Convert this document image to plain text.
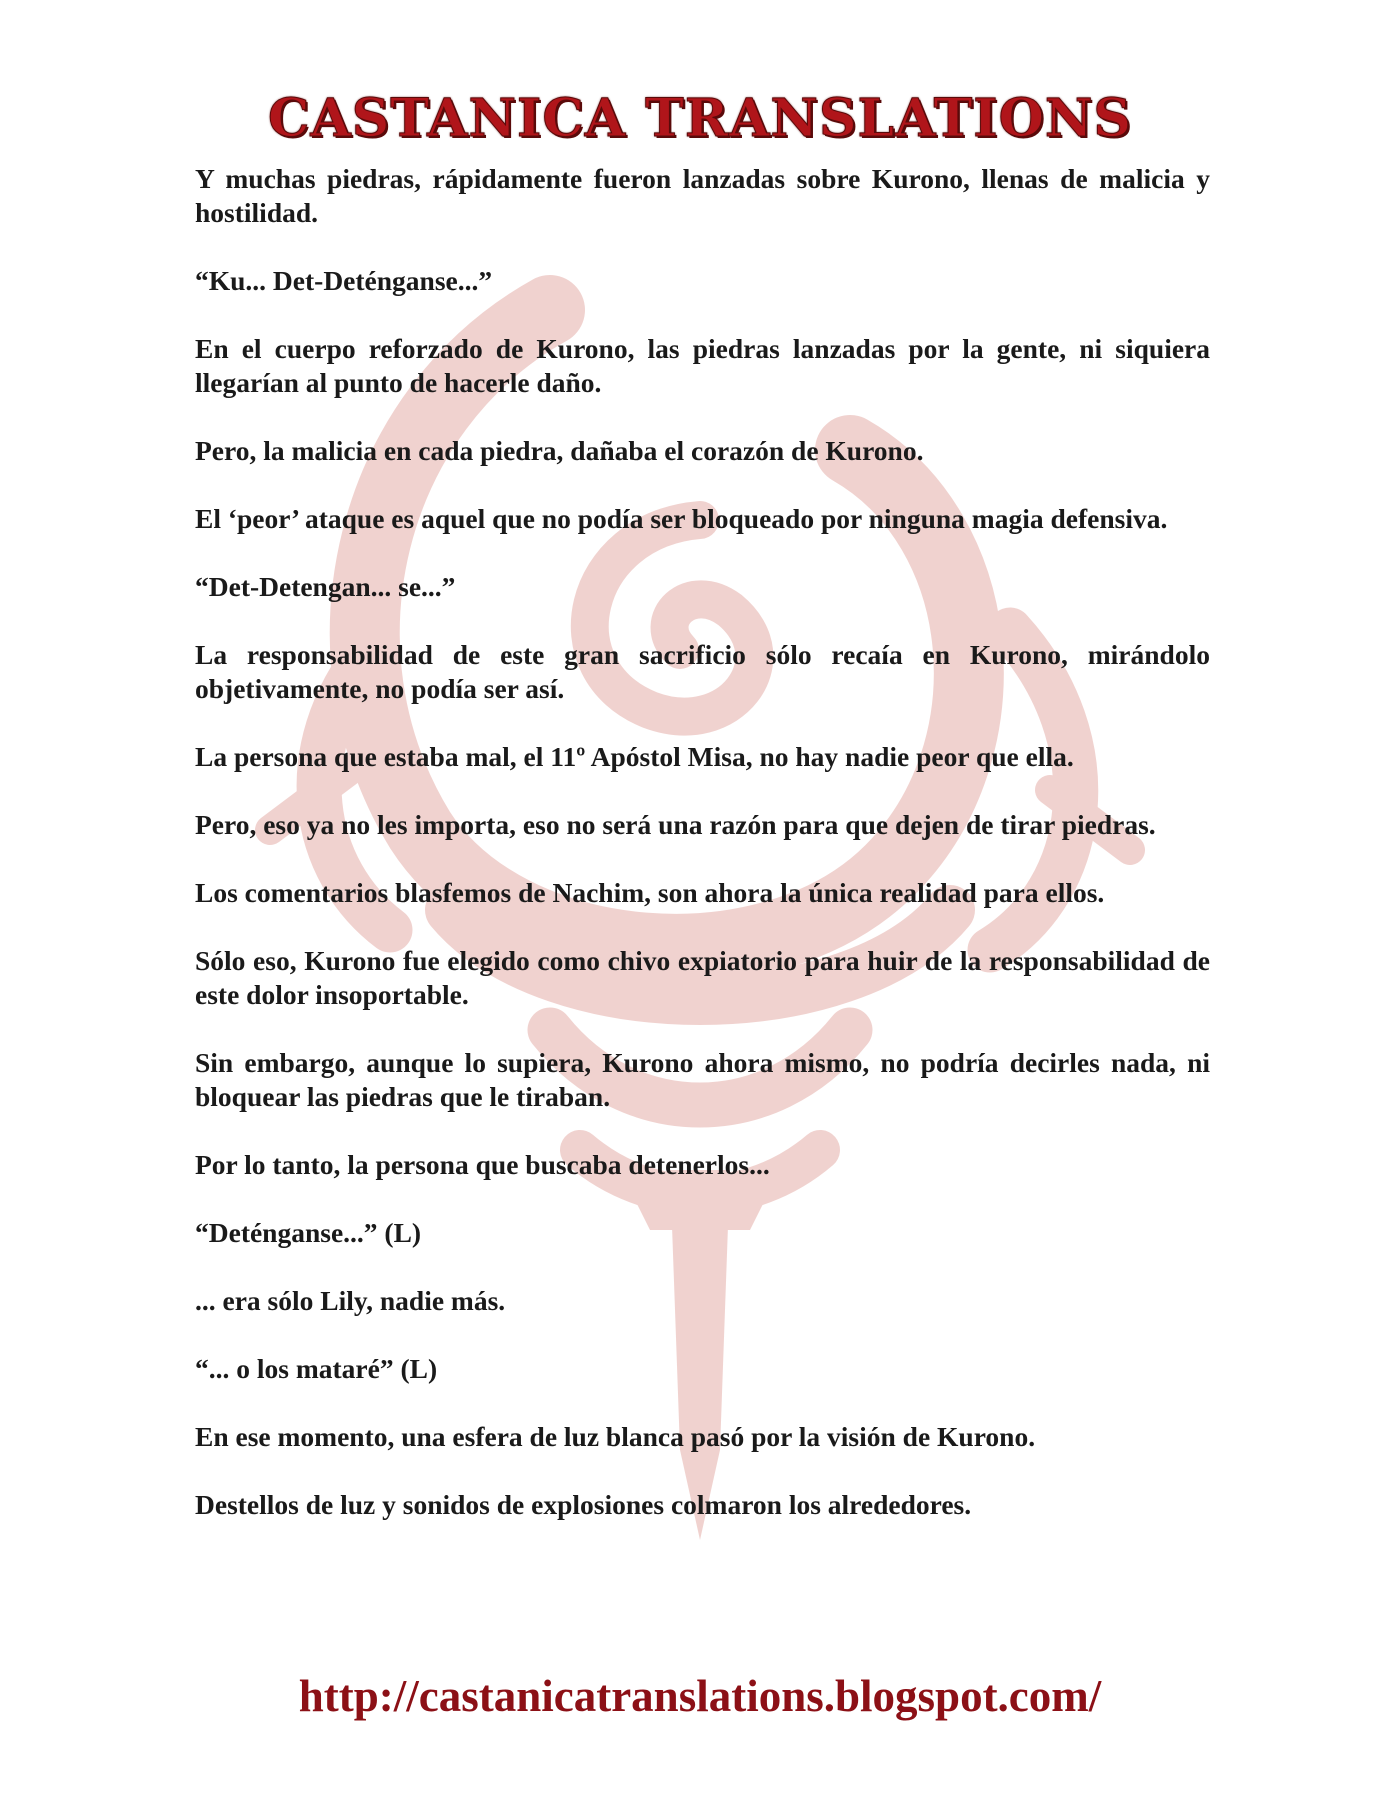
CASTANICA TRANSLATIONS

Y muchas piedras, rápidamente fueron lanzadas sobre Kurono, llenas de malicia y hostilidad.

“Ku... Det-Deténganse...”

En el cuerpo reforzado de Kurono, las piedras lanzadas por la gente, ni siquiera llegarían al punto de hacerle daño.

Pero, la malicia en cada piedra, dañaba el corazón de Kurono.

El ‘peor’ ataque es aquel que no podía ser bloqueado por ninguna magia defensiva.

“Det-Detengan... se...”

La responsabilidad de este gran sacrificio sólo recaía en Kurono, mirándolo objetivamente, no podía ser así.

La persona que estaba mal, el 11º Apóstol Misa, no hay nadie peor que ella.

Pero, eso ya no les importa, eso no será una razón para que dejen de tirar piedras.

Los comentarios blasfemos de Nachim, son ahora la única realidad para ellos.

Sólo eso, Kurono fue elegido como chivo expiatorio para huir de la responsabilidad de este dolor insoportable.

Sin embargo, aunque lo supiera, Kurono ahora mismo, no podría decirles nada, ni bloquear las piedras que le tiraban.

Por lo tanto, la persona que buscaba detenerlos...

“Deténganse...” (L)

... era sólo Lily, nadie más.

“... o los mataré” (L)

En ese momento, una esfera de luz blanca pasó por la visión de Kurono.

Destellos de luz y sonidos de explosiones colmaron los alrededores.

http://castanicatranslations.blogspot.com/
